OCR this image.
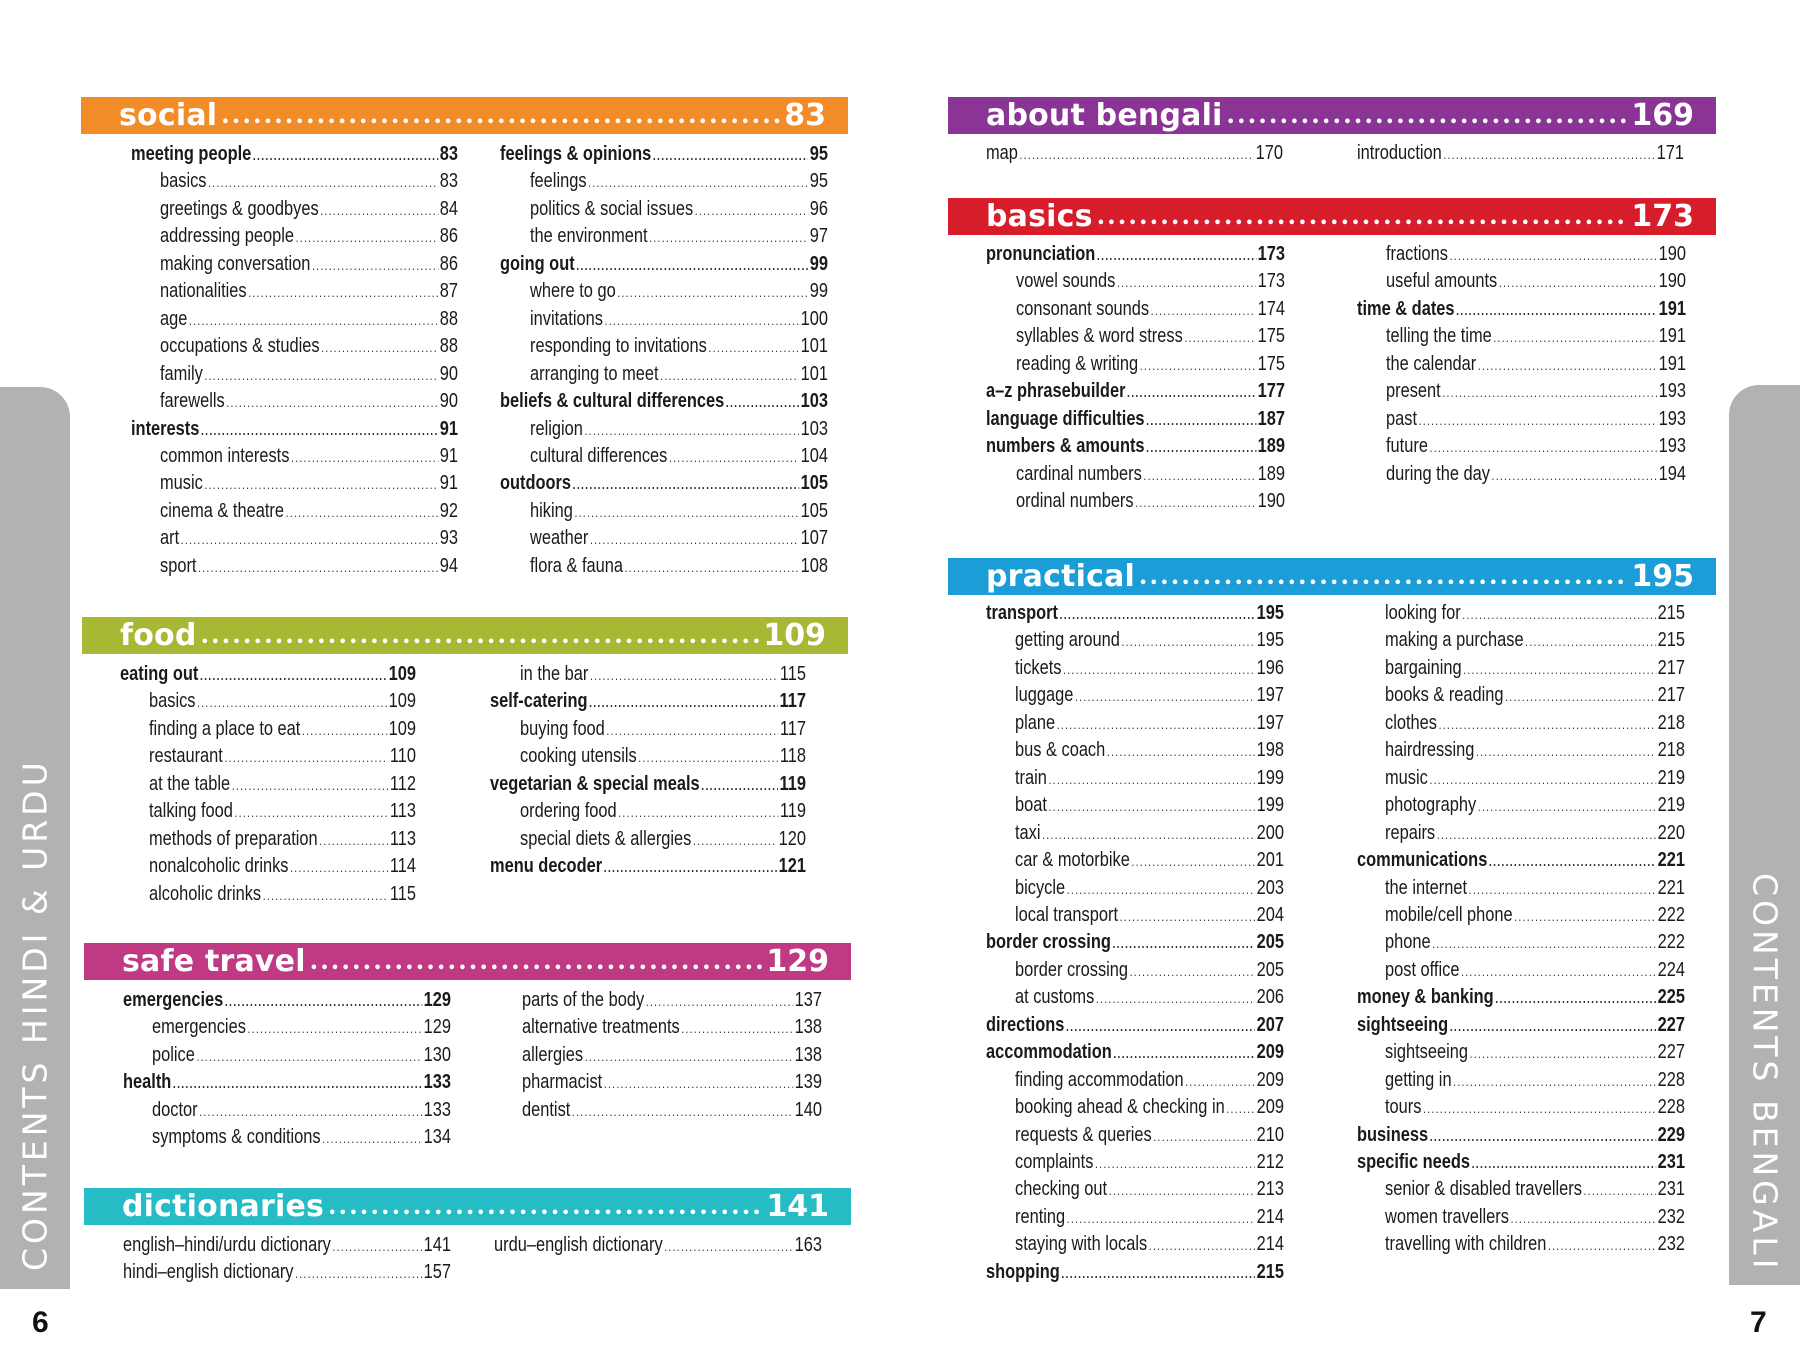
CONTENTS HINDI & URDU
6
social •••••	83
meeting people .....	83
basics .....	83
greetings & goodbyes .....	84
addressing people .....	86
making conversation .....	86
nationalities .....	87
age .....	88
occupations & studies .....	88
family .....	90
farewells .....	90
interests .....	91
common interests .....	91
music .....	91
cinema & theatre .....	92
art .....	93
sport .....	94
feelings & opinions .....	95
feelings .....	95
politics & social issues .....	96
the environment .....	97
going out .....	99
where to go .....	99
invitations .....	100
responding to invitations .....	101
arranging to meet .....	101
beliefs & cultural differences .....	103
religion .....	103
cultural differences .....	104
outdoors .....	105
hiking .....	105
weather .....	107
flora & fauna .....	108
food •••••	109
eating out .....	109
basics .....	109
finding a place to eat .....	109
restaurant .....	110
at the table .....	112
talking food .....	113
methods of preparation .....	113
nonalcoholic drinks .....	114
alcoholic drinks .....	115
in the bar .....	115
self-catering .....	117
buying food .....	117
cooking utensils .....	118
vegetarian & special meals .....	119
ordering food .....	119
special diets & allergies .....	120
menu decoder .....	121
safe travel •••••	129
emergencies .....	129
emergencies .....	129
police .....	130
health .....	133
doctor .....	133
symptoms & conditions .....	134
parts of the body .....	137
alternative treatments .....	138
allergies .....	138
pharmacist .....	139
dentist .....	140
dictionaries •••••	141
english–hindi/urdu dictionary .....	141
hindi–english dictionary .....	157
urdu–english dictionary .....	163	CONTENTS BENGALI
7
about bengali •••••	169
map .....	170	introduction .....	171
basics •••••	173
pronunciation .....	173
vowel sounds .....	173
consonant sounds .....	174
syllables & word stress .....	175
reading & writing .....	175
a–z phrasebuilder .....	177
language difficulties .....	187
numbers & amounts .....	189
cardinal numbers .....	189
ordinal numbers .....	190
fractions .....	190
useful amounts .....	190
time & dates .....	191
telling the time .....	191
the calendar .....	191
present .....	193
past .....	193
future .....	193
during the day .....	194
practical •••••	195
transport .....	195
getting around .....	195
tickets .....	196
luggage .....	197
plane .....	197
bus & coach .....	198
train .....	199
boat .....	199
taxi .....	200
car & motorbike .....	201
bicycle .....	203
local transport .....	204
border crossing .....	205
border crossing .....	205
at customs .....	206
directions .....	207
accommodation .....	209
finding accommodation .....	209
booking ahead & checking in ..... 209
requests & queries .....	210
complaints .....	212
checking out .....	213
renting .....	214
staying with locals .....	214
shopping .....	215
looking for .....	215
making a purchase .....	215
bargaining .....	217
books & reading .....	217
clothes .....	218
hairdressing .....	218
music .....	219
photography .....	219
repairs .....	220
communications .....	221
the internet .....	221
mobile/cell phone .....	222
phone .....	222
post office .....	224
money & banking .....	225
sightseeing .....	227
sightseeing .....	227
getting in .....	228
tours .....	228
business .....	229
specific needs .....	231
senior & disabled travellers .....	231
women travellers .....	232
travelling with children .....	232
